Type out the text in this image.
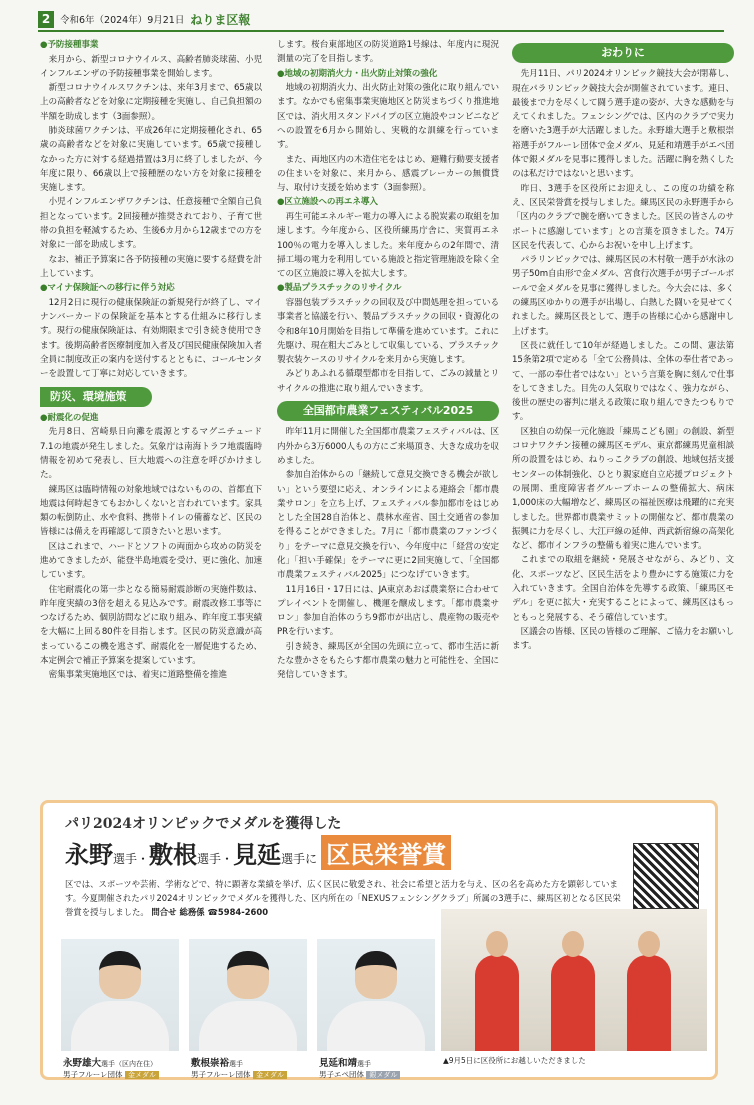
2	令和6年（2024年）9月21日 ねりま区報
●予防接種事業

来月から、新型コロナウイルス、高齢者肺炎球菌、小児インフルエンザの予防接種事業を開始します。

新型コロナウイルスワクチンは、来年3月まで、65歳以上の高齢者などを対象に定期接種を実施し、自己負担額の半額を助成します（3面参照）。

肺炎球菌ワクチンは、平成26年に定期接種化され、65歳の高齢者などを対象に実施しています。65歳で接種しなかった方に対する経過措置は3月に終了しましたが、今年度に限り、66歳以上で接種歴のない方を対象に接種を実施します。

小児インフルエンザワクチンは、任意接種で全額自己負担となっています。2回接種が推奨されており、子育て世帯の負担を軽減するため、生後6カ月から12歳までの方を対象に一部を助成します。

なお、補正予算案に各予防接種の実施に要する経費を計上しています。

●マイナ保険証への移行に伴う対応

12月2日に現行の健康保険証の新規発行が終了し、マイナンバーカードの保険証を基本とする仕組みに移行します。現行の健康保険証は、有効期限まで引き続き使用できます。後期高齢者医療制度加入者及び国民健康保険加入者全員に制度改正の案内を送付するとともに、コールセンターを設置して丁寧に対応していきます。

防災、環境施策
●耐震化の促進

先月8日、宮崎県日向灘を震源とするマグニチュード7.1の地震が発生しました。気象庁は南海トラフ地震臨時情報を初めて発表し、巨大地震への注意を呼びかけました。

練馬区は臨時情報の対象地域ではないものの、首都直下地震は何時起きてもおかしくないと言われています。家具類の転倒防止、水や食料、携帯トイレの備蓄など、区民の皆様には備えを再確認して頂きたいと思います。

区はこれまで、ハードとソフトの両面から攻めの防災を進めてきましたが、能登半島地震を受け、更に強化、加速しています。

住宅耐震化の第一歩となる簡易耐震診断の実施件数は、昨年度実績の3倍を超える見込みです。耐震改修工事等につなげるため、個別訪問などに取り組み、昨年度工事実績を大幅に上回る80件を目指します。区民の防災意識が高まっているこの機を逃さず、耐震化を一層促進するため、本定例会で補正予算案を提案しています。

密集事業実施地区では、着実に道路整備を推進

します。桜台東部地区の防災道路1号線は、年度内に現況測量の完了を目指します。

●地域の初期消火力・出火防止対策の強化

地域の初期消火力、出火防止対策の強化に取り組んでいます。なかでも密集事業実施地区と防災まちづくり推進地区では、消火用スタンドパイプの区立施設やコンビニなどへの設置を6月から開始し、実戦的な訓練を行っています。

また、両地区内の木造住宅をはじめ、避難行動要支援者の住まいを対象に、来月から、感震ブレーカーの無償貸与、取付け支援を始めます（3面参照）。

●区立施設への再エネ導入

再生可能エネルギー電力の導入による脱炭素の取組を加速します。今年度から、区役所練馬庁舎に、実質再エネ100％の電力を導入しました。来年度からの2年間で、清掃工場の電力を利用している施設と指定管理施設を除く全ての区立施設に導入を拡大します。

●製品プラスチックのリサイクル

容器包装プラスチックの回収及び中間処理を担っている事業者と協議を行い、製品プラスチックの回収・資源化の令和8年10月開始を目指して準備を進めています。これに先駆け、現在粗大ごみとして収集している、プラスチック製衣装ケースのリサイクルを来月から実施します。

みどりあふれる循環型都市を目指して、ごみの減量とリサイクルの推進に取り組んでいきます。

全国都市農業フェスティバル2025

昨年11月に開催した全国都市農業フェスティバルは、区内外から3万6000人もの方にご来場頂き、大きな成功を収めました。

参加自治体からの「継続して意見交換できる機会が欲しい」という要望に応え、オンラインによる連絡会「都市農業サロン」を立ち上げ、フェスティバル参加都市をはじめとした全国28自治体と、農林水産省、国土交通省の参加を得ることができました。7月に「都市農業のファンづくり」をテーマに意見交換を行い、今年度中に「経営の安定化」「担い手確保」をテーマに更に2回実施して、「全国都市農業フェスティバル2025」につなげていきます。

11月16日・17日には、JA東京あおば農業祭に合わせてプレイベントを開催し、機運を醸成します。「都市農業サロン」参加自治体のうち9都市が出店し、農産物の販売やPRを行います。

引き続き、練馬区が全国の先頭に立って、都市生活に新たな豊かさをもたらす都市農業の魅力と可能性を、全国に発信していきます。

おわりに

先月11日、パリ2024オリンピック競技大会が閉幕し、現在パラリンピック競技大会が開催されています。連日、最後まで力を尽くして闘う選手達の姿が、大きな感動を与えてくれました。フェンシングでは、区内のクラブで実力を磨いた3選手が大活躍しました。永野雄大選手と敷根崇裕選手がフルーレ団体で金メダル、見延和靖選手がエペ団体で銀メダルを見事に獲得しました。活躍に胸を熱くしたのは私だけではないと思います。

昨日、3選手を区役所にお迎えし、この度の功績を称え、区民栄誉賞を授与しました。練馬区民の永野選手から「区内のクラブで腕を磨いてきました。区民の皆さんのサポートに感謝しています」との言葉を頂きました。74万区民を代表して、心からお祝いを申し上げます。

パラリンピックでは、練馬区民の木村敬一選手が水泳の男子50m自由形で金メダル、宮食行次選手が男子ゴールボールで金メダルを見事に獲得しました。今大会には、多くの練馬区ゆかりの選手が出場し、白熱した闘いを見せてくれました。練馬区長として、選手の皆様に心から感謝申し上げます。

区長に就任して10年が経過しました。この間、憲法第15条第2項で定める「全て公務員は、全体の奉仕者であって、一部の奉仕者ではない」という言葉を胸に刻んで仕事をしてきました。目先の人気取りではなく、強力ながら、後世の歴史の審判に堪える政策に取り組んできたつもりです。

区独自の幼保一元化施設「練馬こども園」の創設、新型コロナワクチン接種の練馬区モデル、東京都練馬児童相談所の設置をはじめ、ねりっこクラブの創設、地域包括支援センターの体制強化、ひとり親家庭自立応援プロジェクトの展開、重度障害者グループホームの整備拡大、病床1,000床の大幅増など、練馬区の福祉医療は飛躍的に充実しました。世界都市農業サミットの開催など、都市農業の振興に力を尽くし、大江戸線の延伸、西武新宿線の高架化など、都市インフラの整備も着実に進んでいます。

これまでの取組を継続・発展させながら、みどり、文化、スポーツなど、区民生活をより豊かにする施策に力を入れていきます。全国自治体を先導する政策、「練馬区モデル」を更に拡大・充実することによって、練馬区はもっともっと発展する、そう確信しています。

区議会の皆様、区民の皆様のご理解、ご協力をお願いします。

パリ2024オリンピックでメダルを獲得した
永野 選手 ・ 敷根 選手 ・ 見延 選手 に 区民栄誉賞
区では、スポーツや芸術、学術などで、特に顕著な業績を挙げ、広く区民に敬愛され、社会に希望と活力を与え、区の名を高めた方を顕彰しています。今夏開催されたパリ2024オリンピックでメダルを獲得した、区内所在の「NEXUSフェンシングクラブ」所属の3選手に、練馬区初となる区民栄誉賞を授与しました。 問合せ 総務係 ☎5984-2600
永野雄大選手（区内在住）
男子フルーレ団体 金メダル
敷根崇裕選手
男子フルーレ団体 金メダル
見延和靖選手
男子エペ団体 銀メダル
▲9月5日に区役所にお越しいただきました
